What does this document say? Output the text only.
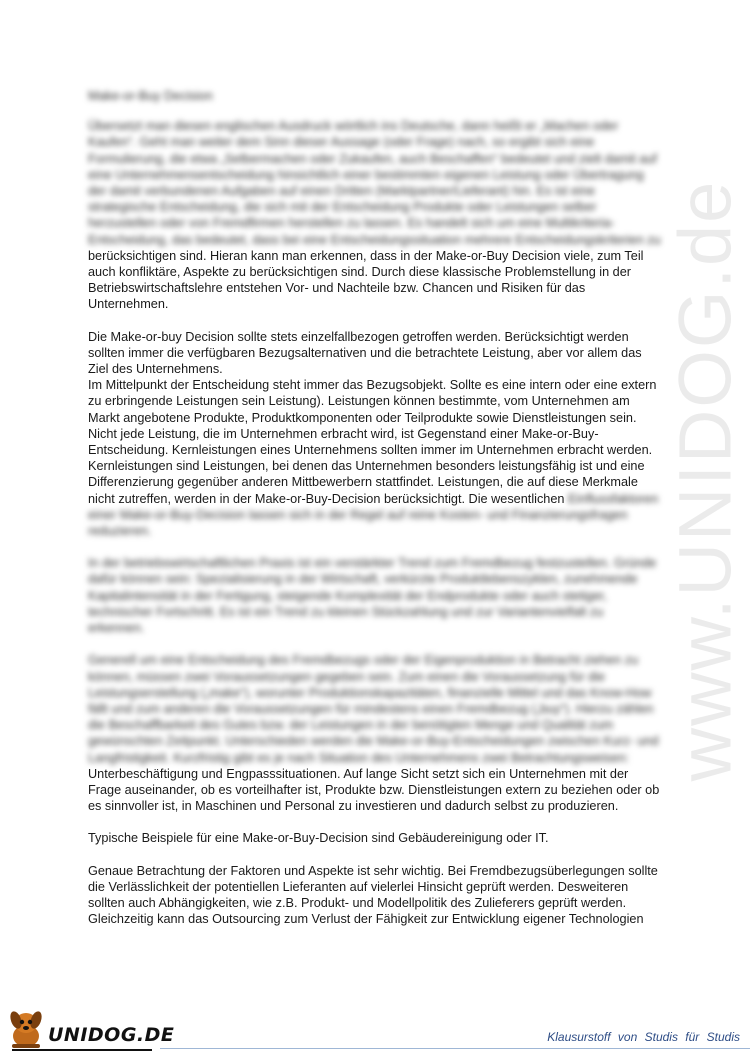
www.UNIDOG.de
Make-or-Buy Decision

Übersetzt man diesen englischen Ausdruck wörtlich ins Deutsche, dann heißt er „Machen oder Kaufen“. Geht man weiter dem Sinn dieser Aussage (oder Frage) nach, so ergibt sich eine Formulierung, die etwa „Selbermachen oder Zukaufen, auch Beschaffen“ bedeutet und zielt damit auf eine Unternehmensentscheidung hinsichtlich einer bestimmten eigenen Leistung oder Übertragung der damit verbundenen Aufgaben auf einen Dritten (Marktpartner/Lieferant) hin. Es ist eine strategische Entscheidung, die sich mit der Entscheidung Produkte oder Leistungen selber herzustellen oder von Fremdfirmen herstellen zu lassen. Es handelt sich um eine Multikriteria-Entscheidung, das bedeutet, dass bei eine Entscheidungssituation mehrere Entscheidungskriterien zu berücksichtigen sind. Hieran kann man erkennen, dass in der Make-or-Buy Decision viele, zum Teil auch konfliktäre, Aspekte zu berücksichtigen sind. Durch diese klassische Problemstellung in der Betriebswirtschaftslehre entstehen Vor- und Nachteile bzw. Chancen und Risiken für das Unternehmen.

Die Make-or-buy Decision sollte stets einzelfallbezogen getroffen werden. Berücksichtigt werden sollten immer die verfügbaren Bezugsalternativen und die betrachtete Leistung, aber vor allem das Ziel des Unternehmens.

Im Mittelpunkt der Entscheidung steht immer das Bezugsobjekt. Sollte es eine intern oder eine extern zu erbringende Leistungen sein Leistung). Leistungen können bestimmte, vom Unternehmen am Markt angebotene Produkte, Produktkomponenten oder Teilprodukte sowie Dienstleistungen sein. Nicht jede Leistung, die im Unternehmen erbracht wird, ist Gegenstand einer Make-or-Buy-Entscheidung. Kernleistungen eines Unternehmens sollten immer im Unternehmen erbracht werden. Kernleistungen sind Leistungen, bei denen das Unternehmen besonders leistungsfähig ist und eine Differenzierung gegenüber anderen Mittbewerbern stattfindet. Leistungen, die auf diese Merkmale nicht zutreffen, werden in der Make-or-Buy-Decision berücksichtigt. Die wesentlichen Einflussfaktoren einer Make-or-Buy-Decision lassen sich in der Regel auf reine Kosten- und Finanzierungsfragen reduzieren.

In der betriebswirtschaftlichen Praxis ist ein verstärkter Trend zum Fremdbezug festzustellen. Gründe dafür können sein: Spezialisierung in der Wirtschaft, verkürzte Produktlebenszyklen, zunehmende Kapitalintensität in der Fertigung, steigende Komplexität der Endprodukte oder auch stetiger, technischer Fortschritt. Es ist ein Trend zu kleinen Stückzahlung und zur Variantenvielfalt zu erkennen.

Generell um eine Entscheidung des Fremdbezugs oder der Eigenproduktion in Betracht ziehen zu können, müssen zwei Voraussetzungen gegeben sein. Zum einen die Voraussetzung für die Leistungserstellung („make“), worunter Produktionskapazitäten, finanzielle Mittel und das Know-How fällt und zum anderen die Voraussetzungen für mindestens einen Fremdbezug („buy“). Hierzu zählen die Beschaffbarkeit des Gutes bzw. der Leistungen in der benötigten Menge und Qualität zum gewünschten Zeitpunkt. Unterschieden werden die Make-or-Buy-Entscheidungen zwischen Kurz- und Langfristigkeit. Kurzfristig gibt es je nach Situation des Unternehmens zwei Betrachtungsweisen: Unterbeschäftigung und Engpasssituationen. Auf lange Sicht setzt sich ein Unternehmen mit der Frage auseinander, ob es vorteilhafter ist, Produkte bzw. Dienstleistungen extern zu beziehen oder ob es sinnvoller ist, in Maschinen und Personal zu investieren und dadurch selbst zu produzieren.

Typische Beispiele für eine Make-or-Buy-Decision sind Gebäudereinigung oder IT.

Genaue Betrachtung der Faktoren und Aspekte ist sehr wichtig. Bei Fremdbezugsüberlegungen sollte die Verlässlichkeit der potentiellen Lieferanten auf vielerlei Hinsicht geprüft werden. Desweiteren sollten auch Abhängigkeiten, wie z.B. Produkt- und Modellpolitik des Zulieferers geprüft werden. Gleichzeitig kann das Outsourcing zum Verlust der Fähigkeit zur Entwicklung eigener Technologien

UNIDOG.DE	Klausurstoff von Studis für Studis
